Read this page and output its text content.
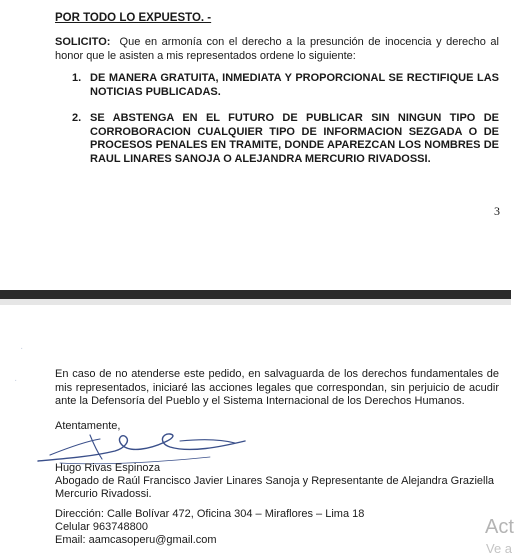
POR TODO LO EXPUESTO. -
SOLICITO: Que en armonía con el derecho a la presunción de inocencia y derecho al honor que le asisten a mis representados ordene lo siguiente:
1. DE MANERA GRATUITA, INMEDIATA Y PROPORCIONAL SE RECTIFIQUE LAS NOTICIAS PUBLICADAS.
2. SE ABSTENGA EN EL FUTURO DE PUBLICAR SIN NINGUN TIPO DE CORROBORACION CUALQUIER TIPO DE INFORMACION SEZGADA O DE PROCESOS PENALES EN TRAMITE, DONDE APAREZCAN LOS NOMBRES DE RAUL LINARES SANOJA O ALEJANDRA MERCURIO RIVADOSSI.
3
·
·
En caso de no atenderse este pedido, en salvaguarda de los derechos fundamentales de mis representados, iniciaré las acciones legales que correspondan, sin perjuicio de acudir ante la Defensoría del Pueblo y el Sistema Internacional de los Derechos Humanos.
Atentamente,
Hugo Rivas Espinoza
Abogado de Raúl Francisco Javier Linares Sanoja y Representante de Alejandra Graziella
Mercurio Rivadossi.
Dirección: Calle Bolívar 472, Oficina 304 – Miraflores – Lima 18
Celular 963748800
Email: aamcasoperu@gmail.com
Act
Ve a
